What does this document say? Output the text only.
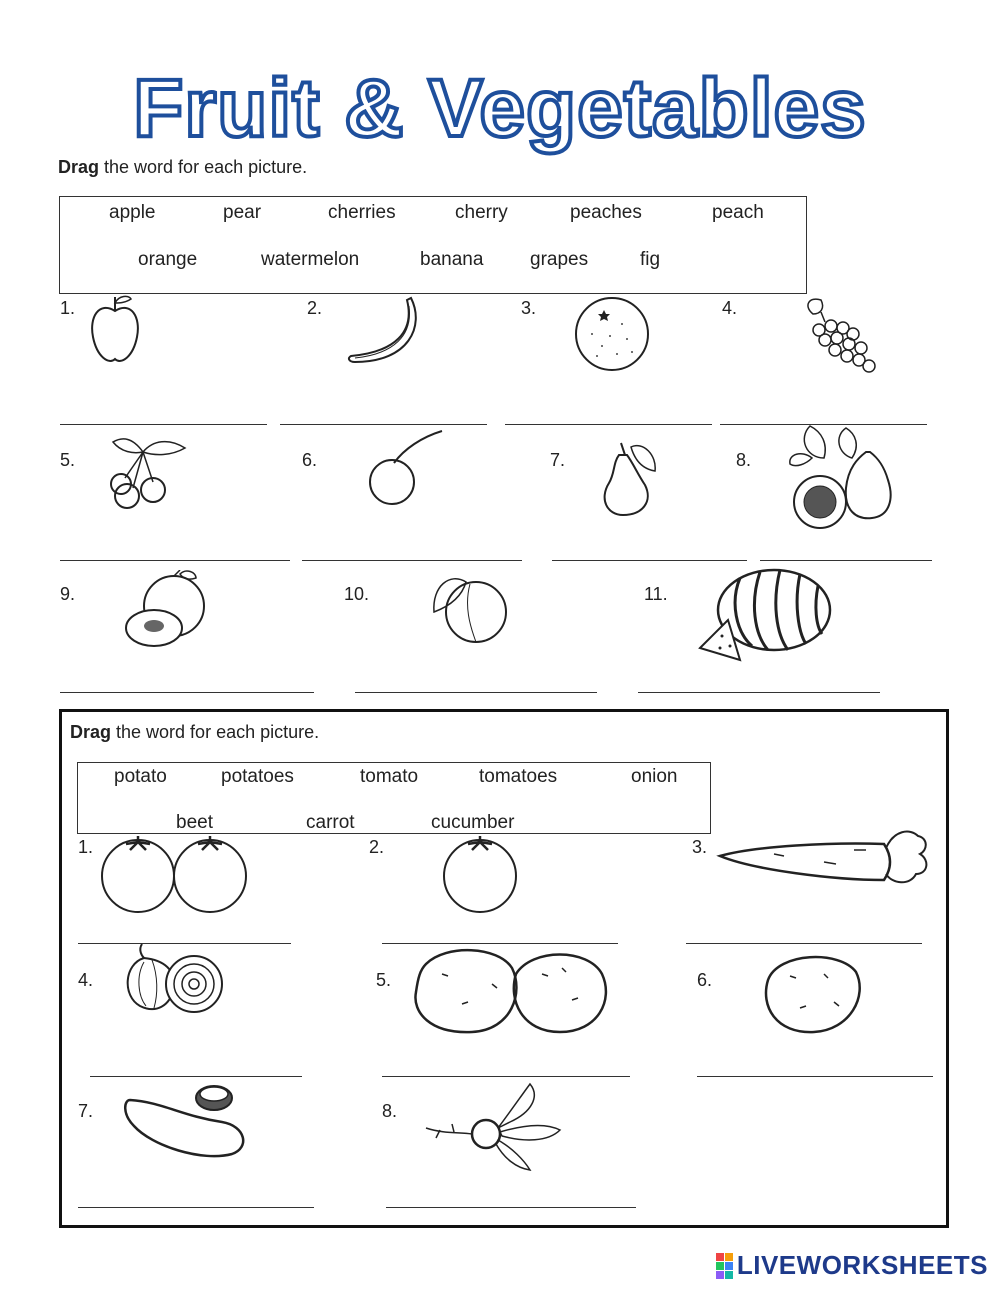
Fruit & Vegetables
Drag the word for each picture.
apple	pear	cherries	cherry	peaches	peach
orange	watermelon	banana grapes	fig
1.	2.	3.	4.
5.	6.	7.	8.
9.	10.	11.
Drag the word for each picture.
potato	potatoes	tomato	tomatoes	onion
beet	carrot	cucumber
1.	2.	3.
4.	5.	6.
7.	8.
LIVEWORKSHEETS
